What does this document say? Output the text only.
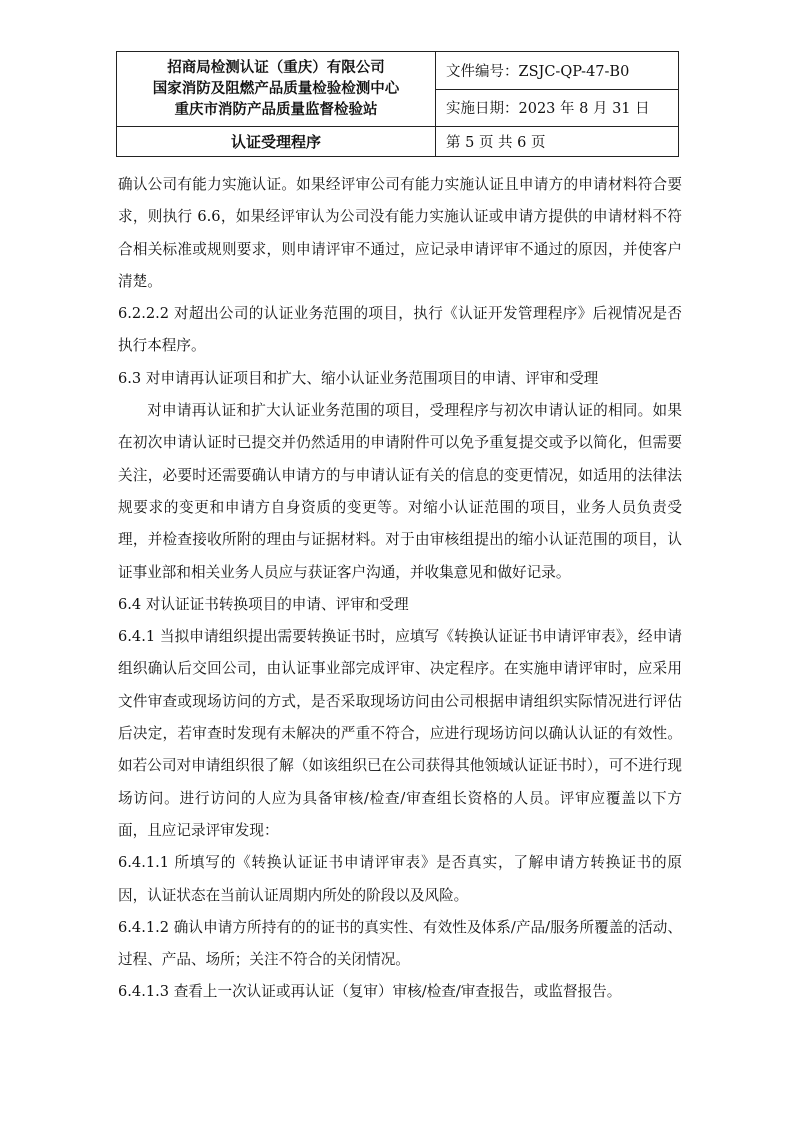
招商局检测认证（重庆）有限公司
国家消防及阻燃产品质量检验检测中心
重庆市消防产品质量监督检验站	文件编号：ZSJC-QP-47-B0
	实施日期：2023 年 8 月 31 日
认证受理程序	第 5 页 共 6 页

确认公司有能力实施认证。如果经评审公司有能力实施认证且申请方的申请材料符合要求，则执行 6.6，如果经评审认为公司没有能力实施认证或申请方提供的申请材料不符合相关标准或规则要求，则申请评审不通过，应记录申请评审不通过的原因，并使客户清楚。

6.2.2.2 对超出公司的认证业务范围的项目，执行《认证开发管理程序》后视情况是否执行本程序。

6.3 对申请再认证项目和扩大、缩小认证业务范围项目的申请、评审和受理

对申请再认证和扩大认证业务范围的项目，受理程序与初次申请认证的相同。如果在初次申请认证时已提交并仍然适用的申请附件可以免予重复提交或予以简化，但需要关注，必要时还需要确认申请方的与申请认证有关的信息的变更情况，如适用的法律法规要求的变更和申请方自身资质的变更等。对缩小认证范围的项目，业务人员负责受理，并检查接收所附的理由与证据材料。对于由审核组提出的缩小认证范围的项目，认证事业部和相关业务人员应与获证客户沟通，并收集意见和做好记录。

6.4 对认证证书转换项目的申请、评审和受理

6.4.1 当拟申请组织提出需要转换证书时，应填写《转换认证证书申请评审表》，经申请组织确认后交回公司，由认证事业部完成评审、决定程序。在实施申请评审时，应采用文件审查或现场访问的方式，是否采取现场访问由公司根据申请组织实际情况进行评估后决定，若审查时发现有未解决的严重不符合，应进行现场访问以确认认证的有效性。如若公司对申请组织很了解（如该组织已在公司获得其他领域认证证书时），可不进行现场访问。进行访问的人应为具备审核/检查/审查组长资格的人员。评审应覆盖以下方面，且应记录评审发现：

6.4.1.1 所填写的《转换认证证书申请评审表》是否真实，了解申请方转换证书的原因，认证状态在当前认证周期内所处的阶段以及风险。

6.4.1.2 确认申请方所持有的的证书的真实性、有效性及体系/产品/服务所覆盖的活动、过程、产品、场所；关注不符合的关闭情况。

6.4.1.3 查看上一次认证或再认证（复审）审核/检查/审查报告，或监督报告。
